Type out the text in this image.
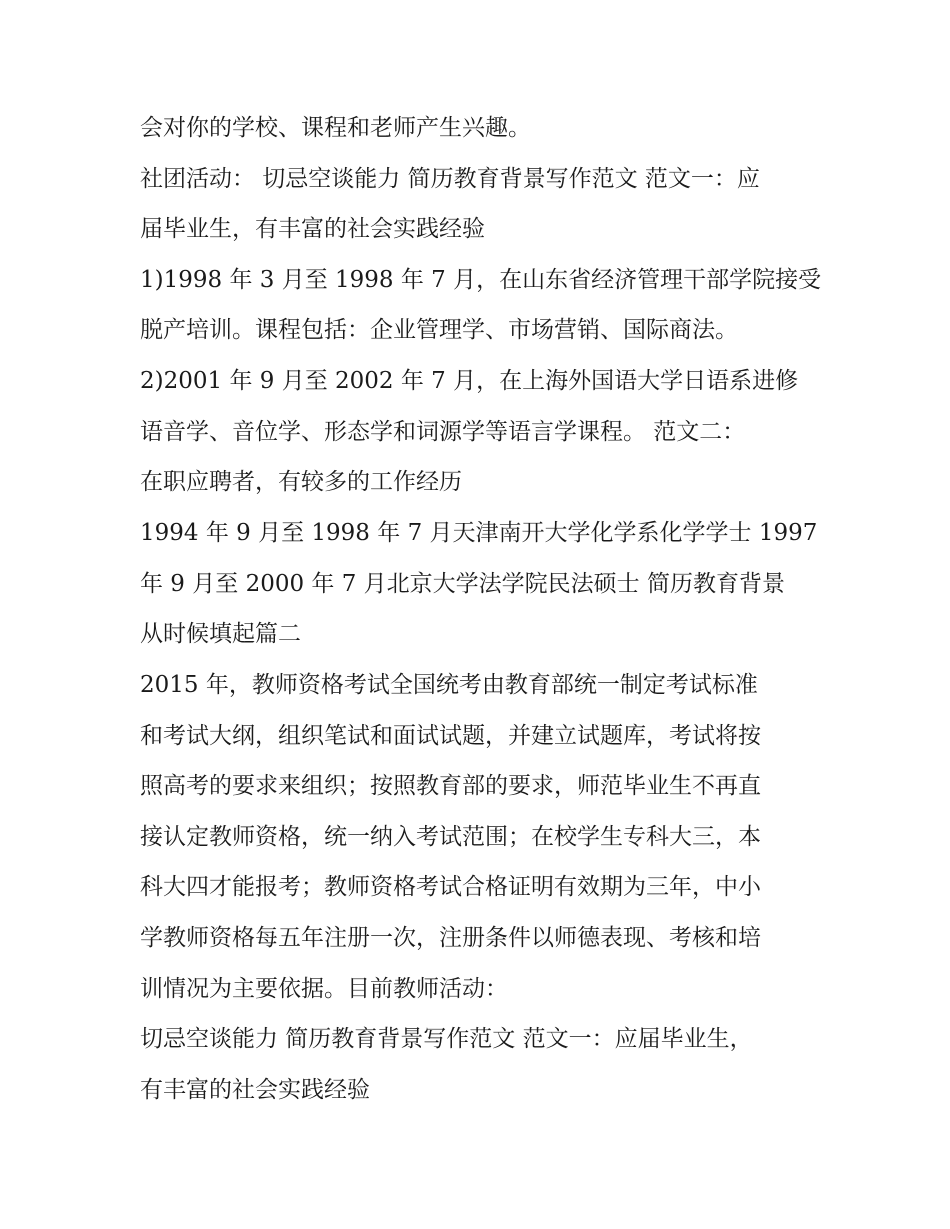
会对你的学校、课程和老师产生兴趣。

社团活动： 切忌空谈能力 简历教育背景写作范文 范文一：应

届毕业生，有丰富的社会实践经验

1)1998 年 3 月至 1998 年 7 月，在山东省经济管理干部学院接受

脱产培训。课程包括：企业管理学、市场营销、国际商法。

2)2001 年 9 月至 2002 年 7 月，在上海外国语大学日语系进修

语音学、音位学、形态学和词源学等语言学课程。 范文二：

在职应聘者，有较多的工作经历

1994 年 9 月至 1998 年 7 月天津南开大学化学系化学学士 1997

年 9 月至 2000 年 7 月北京大学法学院民法硕士 简历教育背景

从时候填起篇二

2015 年，教师资格考试全国统考由教育部统一制定考试标准

和考试大纲，组织笔试和面试试题，并建立试题库，考试将按

照高考的要求来组织；按照教育部的要求，师范毕业生不再直

接认定教师资格，统一纳入考试范围；在校学生专科大三，本

科大四才能报考；教师资格考试合格证明有效期为三年，中小

学教师资格每五年注册一次，注册条件以师德表现、考核和培

训情况为主要依据。目前教师活动：

切忌空谈能力 简历教育背景写作范文 范文一：应届毕业生，

有丰富的社会实践经验
